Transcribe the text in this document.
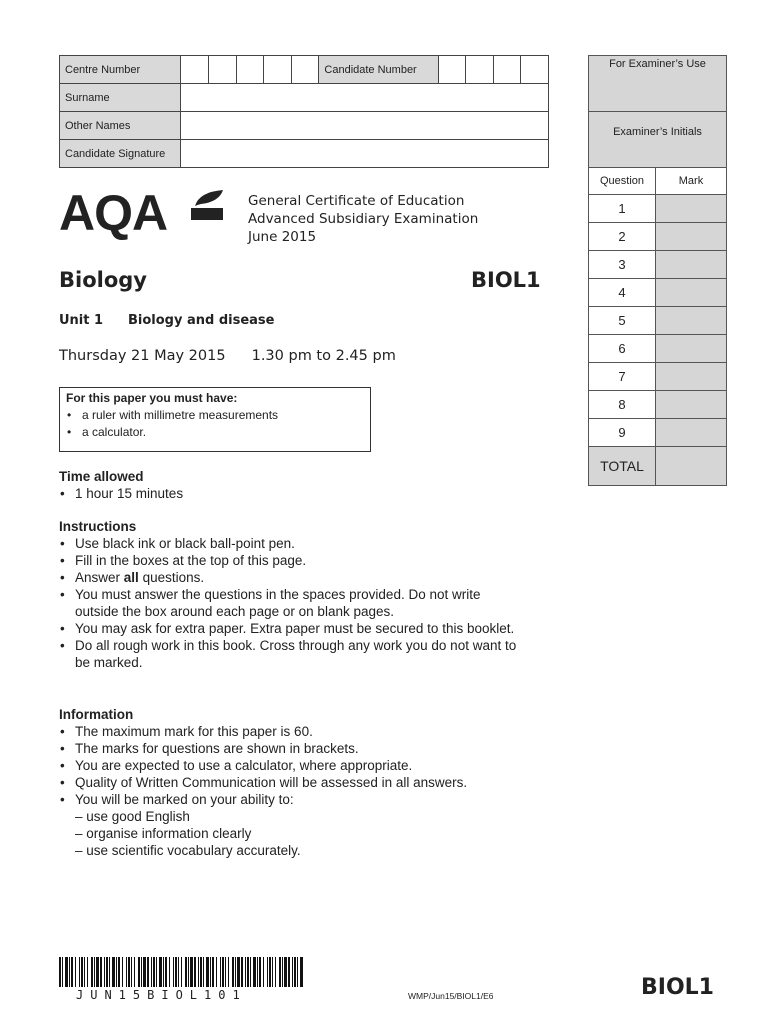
Centre Number						Candidate Number				
Surname										
Other Names										
Candidate Signature										
For Examiner’s Use
Examiner’s Initials
Question	Mark
1	
2	
3	
4	
5	
6	
7	
8	
9	
TOTAL	
AQA	General Certificate of Education
Advanced Subsidiary Examination
June 2015
Biology	BIOL1
Unit 1 Biology and disease
Thursday 21 May 2015 1.30 pm to 2.45 pm
For this paper you must have:
• a ruler with millimetre measurements
• a calculator.
Time allowed
• 1 hour 15 minutes
Instructions
• Use black ink or black ball-point pen.
• Fill in the boxes at the top of this page.
• Answer all questions.
• You must answer the questions in the spaces provided. Do not write outside the box around each page or on blank pages.
• You may ask for extra paper. Extra paper must be secured to this booklet.
• Do all rough work in this book. Cross through any work you do not want to be marked.
Information
• The maximum mark for this paper is 60.
• The marks for questions are shown in brackets.
• You are expected to use a calculator, where appropriate.
• Quality of Written Communication will be assessed in all answers.
• You will be marked on your ability to:
– use good English
– organise information clearly
– use scientific vocabulary accurately.
JUN15BIOL101	WMP/Jun15/BIOL1/E6	BIOL1
